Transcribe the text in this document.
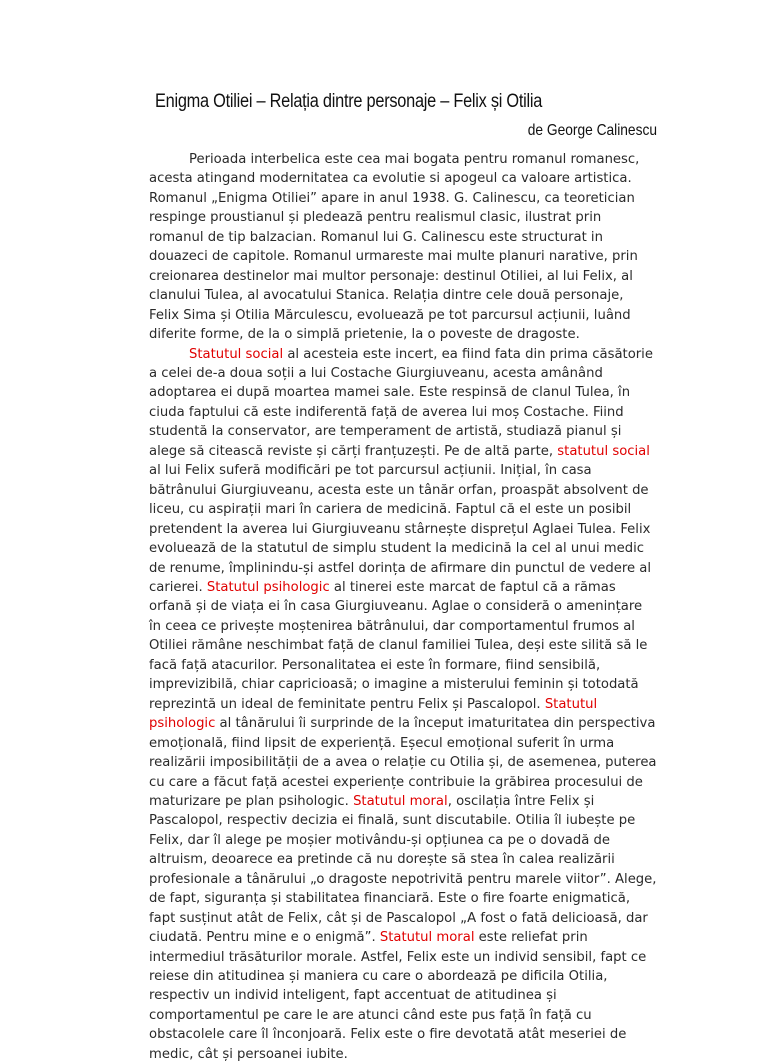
Enigma Otiliei – Relația dintre personaje – Felix și Otilia
de George Calinescu

Perioada interbelica este cea mai bogata pentru romanul romanesc, acesta atingand modernitatea ca evolutie si apogeul ca valoare artistica. Romanul „Enigma Otiliei” apare in anul 1938. G. Calinescu, ca teoretician respinge proustianul și pledează pentru realismul clasic, ilustrat prin romanul de tip balzacian. Romanul lui G. Calinescu este structurat in douazeci de capitole. Romanul urmareste mai multe planuri narative, prin creionarea destinelor mai multor personaje: destinul Otiliei, al lui Felix, al clanului Tulea, al avocatului Stanica. Relația dintre cele două personaje, Felix Sima și Otilia Mărculescu, evoluează pe tot parcursul acțiunii, luând diferite forme, de la o simplă prietenie, la o poveste de dragoste.

Statutul social al acesteia este incert, ea fiind fata din prima căsătorie a celei de-a doua soții a lui Costache Giurgiuveanu, acesta amânând adoptarea ei după moartea mamei sale. Este respinsă de clanul Tulea, în ciuda faptului că este indiferentă față de averea lui moș Costache. Fiind studentă la conservator, are temperament de artistă, studiază pianul și alege să citească reviste și cărți franțuzești. Pe de altă parte, statutul social al lui Felix suferă modificări pe tot parcursul acțiunii. Inițial, în casa bătrânului Giurgiuveanu, acesta este un tânăr orfan, proaspăt absolvent de liceu, cu aspirații mari în cariera de medicină. Faptul că el este un posibil pretendent la averea lui Giurgiuveanu stârnește disprețul Aglaei Tulea. Felix evoluează de la statutul de simplu student la medicină la cel al unui medic de renume, împlinindu-și astfel dorința de afirmare din punctul de vedere al carierei. Statutul psihologic al tinerei este marcat de faptul că a rămas orfană și de viața ei în casa Giurgiuveanu. Aglae o consideră o amenințare în ceea ce privește moștenirea bătrânului, dar comportamentul frumos al Otiliei rămâne neschimbat față de clanul familiei Tulea, deși este silită să le facă față atacurilor. Personalitatea ei este în formare, fiind sensibilă, imprevizibilă, chiar capricioasă; o imagine a misterului feminin și totodată reprezintă un ideal de feminitate pentru Felix și Pascalopol. Statutul psihologic al tânărului îi surprinde de la început imaturitatea din perspectiva emoțională, fiind lipsit de experiență. Eșecul emoțional suferit în urma realizării imposibilității de a avea o relație cu Otilia și, de asemenea, puterea cu care a făcut față acestei experiențe contribuie la grăbirea procesului de maturizare pe plan psihologic. Statutul moral, oscilația între Felix și Pascalopol, respectiv decizia ei finală, sunt discutabile. Otilia îl iubește pe Felix, dar îl alege pe moșier motivându-și opțiunea ca pe o dovadă de altruism, deoarece ea pretinde că nu dorește să stea în calea realizării profesionale a tânărului „o dragoste nepotrivită pentru marele viitor”. Alege, de fapt, siguranța și stabilitatea financiară. Este o fire foarte enigmatică, fapt susținut atât de Felix, cât și de Pascalopol „A fost o fată delicioasă, dar ciudată. Pentru mine e o enigmă”. Statutul moral este reliefat prin intermediul trăsăturilor morale. Astfel, Felix este un individ sensibil, fapt ce reiese din atitudinea și maniera cu care o abordează pe dificila Otilia, respectiv un individ inteligent, fapt accentuat de atitudinea și comportamentul pe care le are atunci când este pus față în față cu obstacolele care îl înconjoară. Felix este o fire devotată atât meseriei de medic, cât și persoanei iubite.
